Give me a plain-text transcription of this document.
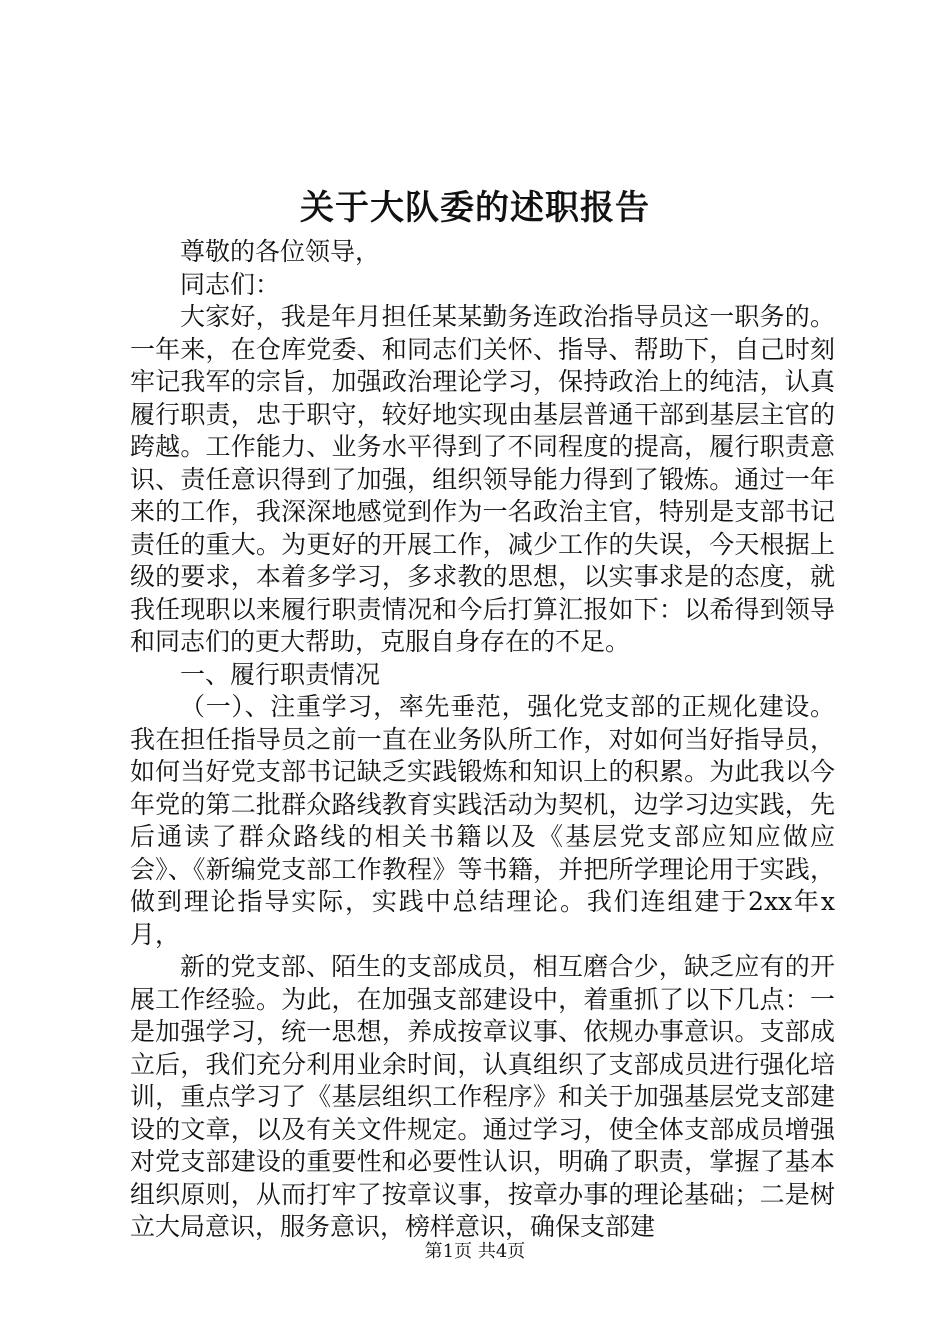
关于大队委的述职报告

尊敬的各位领导，

同志们：

大家好，我是年月担任某某勤务连政治指导员这一职务的。一年来，在仓库党委、和同志们关怀、指导、帮助下，自己时刻牢记我军的宗旨，加强政治理论学习，保持政治上的纯洁，认真履行职责，忠于职守，较好地实现由基层普通干部到基层主官的跨越。工作能力、业务水平得到了不同程度的提高，履行职责意识、责任意识得到了加强，组织领导能力得到了锻炼。通过一年来的工作，我深深地感觉到作为一名政治主官，特别是支部书记责任的重大。为更好的开展工作，减少工作的失误，今天根据上级的要求，本着多学习，多求教的思想，以实事求是的态度，就我任现职以来履行职责情况和今后打算汇报如下：以希得到领导和同志们的更大帮助，克服自身存在的不足。

一、履行职责情况

（一）、注重学习，率先垂范，强化党支部的正规化建设。我在担任指导员之前一直在业务队所工作，对如何当好指导员，如何当好党支部书记缺乏实践锻炼和知识上的积累。为此我以今年党的第二批群众路线教育实践活动为契机，边学习边实践，先后通读了群众路线的相关书籍以及《基层党支部应知应做应会》、《新编党支部工作教程》等书籍，并把所学理论用于实践，做到理论指导实际，实践中总结理论。我们连组建于2xx年x月，

新的党支部、陌生的支部成员，相互磨合少，缺乏应有的开展工作经验。为此，在加强支部建设中，着重抓了以下几点：一是加强学习，统一思想，养成按章议事、依规办事意识。支部成立后，我们充分利用业余时间，认真组织了支部成员进行强化培训，重点学习了《基层组织工作程序》和关于加强基层党支部建设的文章，以及有关文件规定。通过学习，使全体支部成员增强对党支部建设的重要性和必要性认识，明确了职责，掌握了基本组织原则，从而打牢了按章议事，按章办事的理论基础；二是树立大局意识，服务意识，榜样意识，确保支部建

第1页 共4页
